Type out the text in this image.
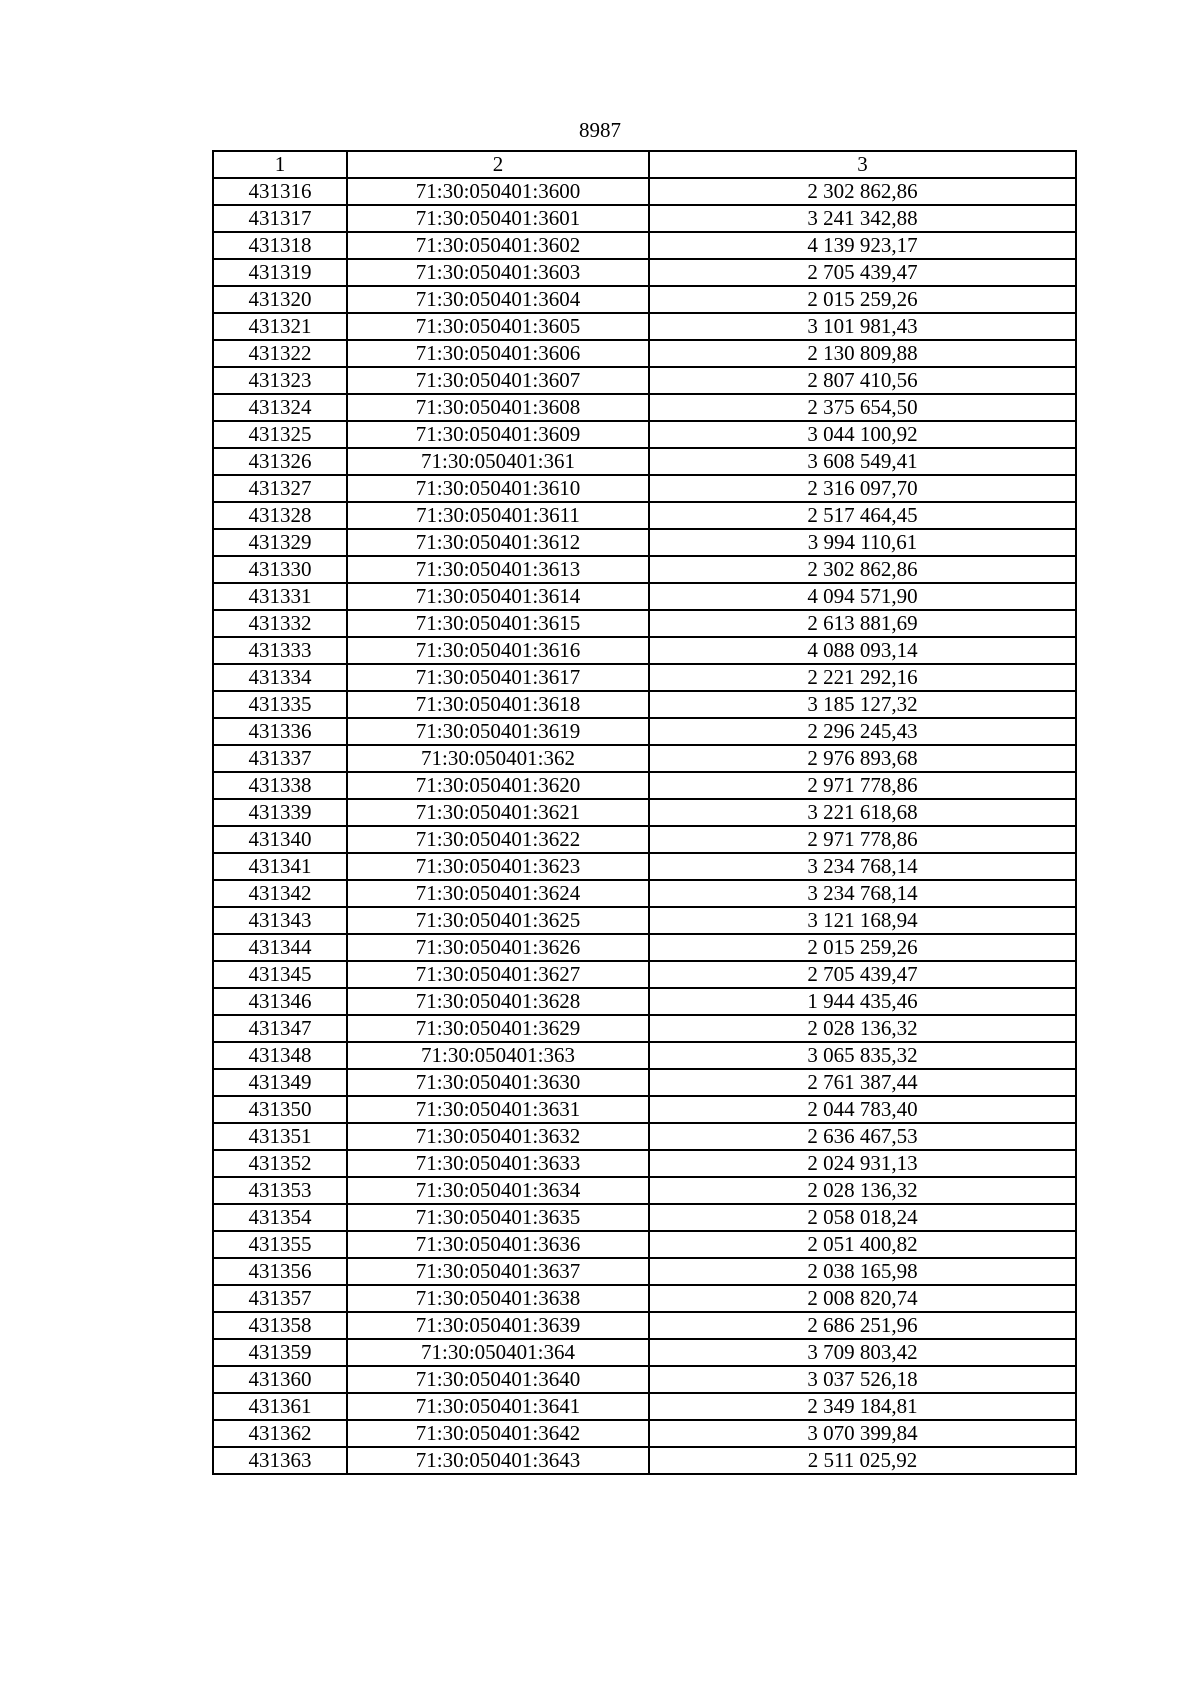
8987
1	2	3
431316	71:30:050401:3600	2 302 862,86
431317	71:30:050401:3601	3 241 342,88
431318	71:30:050401:3602	4 139 923,17
431319	71:30:050401:3603	2 705 439,47
431320	71:30:050401:3604	2 015 259,26
431321	71:30:050401:3605	3 101 981,43
431322	71:30:050401:3606	2 130 809,88
431323	71:30:050401:3607	2 807 410,56
431324	71:30:050401:3608	2 375 654,50
431325	71:30:050401:3609	3 044 100,92
431326	71:30:050401:361	3 608 549,41
431327	71:30:050401:3610	2 316 097,70
431328	71:30:050401:3611	2 517 464,45
431329	71:30:050401:3612	3 994 110,61
431330	71:30:050401:3613	2 302 862,86
431331	71:30:050401:3614	4 094 571,90
431332	71:30:050401:3615	2 613 881,69
431333	71:30:050401:3616	4 088 093,14
431334	71:30:050401:3617	2 221 292,16
431335	71:30:050401:3618	3 185 127,32
431336	71:30:050401:3619	2 296 245,43
431337	71:30:050401:362	2 976 893,68
431338	71:30:050401:3620	2 971 778,86
431339	71:30:050401:3621	3 221 618,68
431340	71:30:050401:3622	2 971 778,86
431341	71:30:050401:3623	3 234 768,14
431342	71:30:050401:3624	3 234 768,14
431343	71:30:050401:3625	3 121 168,94
431344	71:30:050401:3626	2 015 259,26
431345	71:30:050401:3627	2 705 439,47
431346	71:30:050401:3628	1 944 435,46
431347	71:30:050401:3629	2 028 136,32
431348	71:30:050401:363	3 065 835,32
431349	71:30:050401:3630	2 761 387,44
431350	71:30:050401:3631	2 044 783,40
431351	71:30:050401:3632	2 636 467,53
431352	71:30:050401:3633	2 024 931,13
431353	71:30:050401:3634	2 028 136,32
431354	71:30:050401:3635	2 058 018,24
431355	71:30:050401:3636	2 051 400,82
431356	71:30:050401:3637	2 038 165,98
431357	71:30:050401:3638	2 008 820,74
431358	71:30:050401:3639	2 686 251,96
431359	71:30:050401:364	3 709 803,42
431360	71:30:050401:3640	3 037 526,18
431361	71:30:050401:3641	2 349 184,81
431362	71:30:050401:3642	3 070 399,84
431363	71:30:050401:3643	2 511 025,92
